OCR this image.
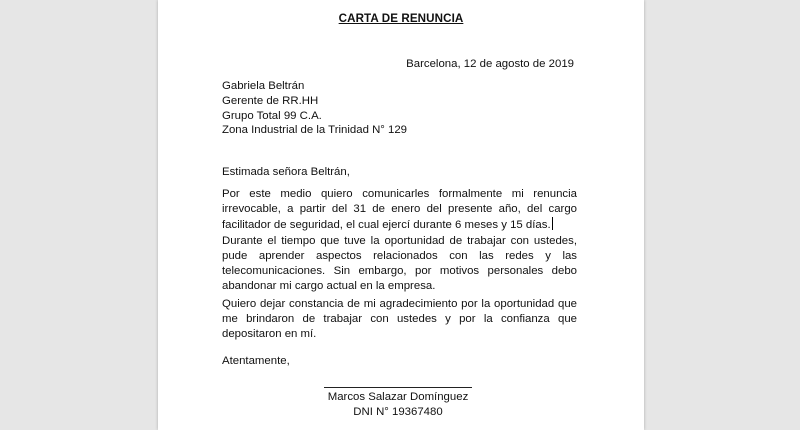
CARTA DE RENUNCIA
Barcelona, 12 de agosto de 2019
Gabriela Beltrán
Gerente de RR.HH
Grupo Total 99 C.A.
Zona Industrial de la Trinidad N° 129
Estimada señora Beltrán,
Por este medio quiero comunicarles formalmente mi renuncia irrevocable, a partir del 31 de enero del presente año, del cargo facilitador de seguridad, el cual ejercí durante 6 meses y 15 días.
Durante el tiempo que tuve la oportunidad de trabajar con ustedes, pude aprender aspectos relacionados con las redes y las telecomunicaciones. Sin embargo, por motivos personales debo abandonar mi cargo actual en la empresa.
Quiero dejar constancia de mi agradecimiento por la oportunidad que me brindaron de trabajar con ustedes y por la confianza que depositaron en mí.
Atentamente,
Marcos Salazar Domínguez
DNI N° 19367480
